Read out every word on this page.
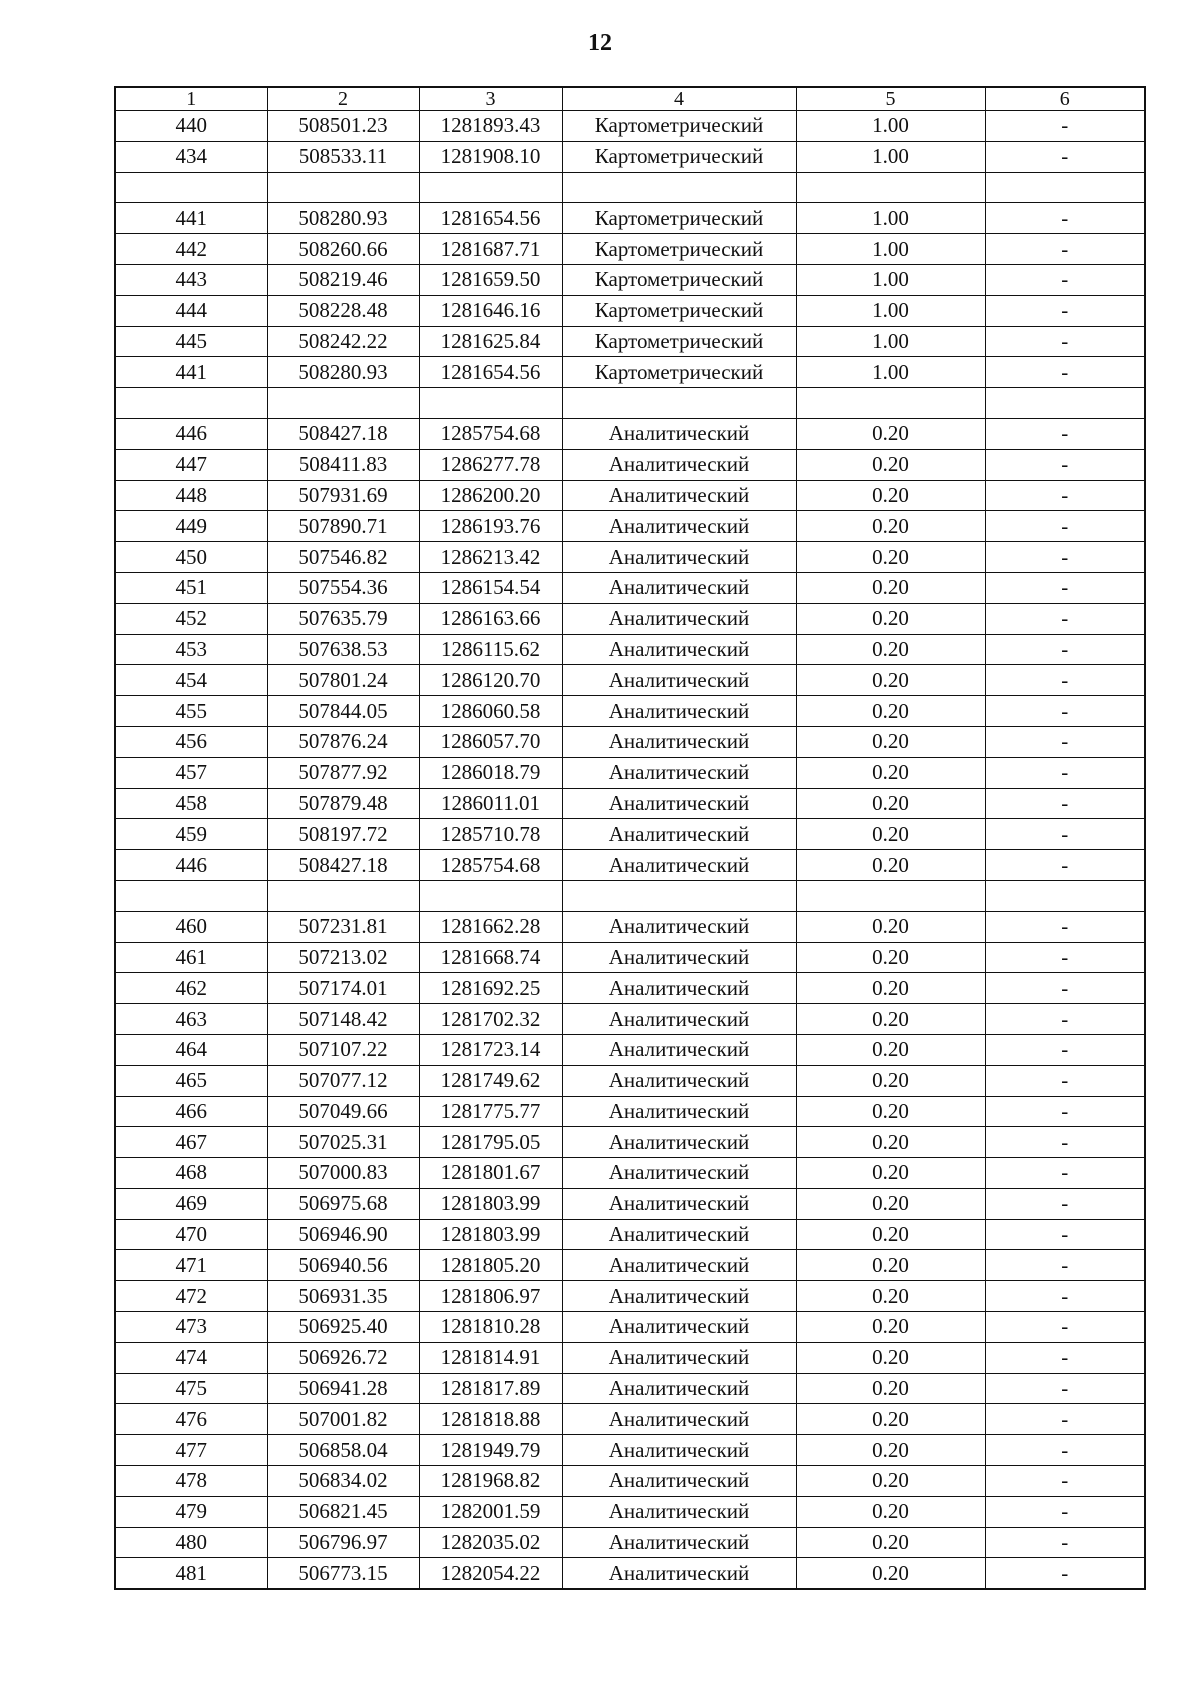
12
1	2	3	4	5	6
440	508501.23	1281893.43	Картометрический	1.00	-
434	508533.11	1281908.10	Картометрический	1.00	-

441	508280.93	1281654.56	Картометрический	1.00	-
442	508260.66	1281687.71	Картометрический	1.00	-
443	508219.46	1281659.50	Картометрический	1.00	-
444	508228.48	1281646.16	Картометрический	1.00	-
445	508242.22	1281625.84	Картометрический	1.00	-
441	508280.93	1281654.56	Картометрический	1.00	-

446	508427.18	1285754.68	Аналитический	0.20	-
447	508411.83	1286277.78	Аналитический	0.20	-
448	507931.69	1286200.20	Аналитический	0.20	-
449	507890.71	1286193.76	Аналитический	0.20	-
450	507546.82	1286213.42	Аналитический	0.20	-
451	507554.36	1286154.54	Аналитический	0.20	-
452	507635.79	1286163.66	Аналитический	0.20	-
453	507638.53	1286115.62	Аналитический	0.20	-
454	507801.24	1286120.70	Аналитический	0.20	-
455	507844.05	1286060.58	Аналитический	0.20	-
456	507876.24	1286057.70	Аналитический	0.20	-
457	507877.92	1286018.79	Аналитический	0.20	-
458	507879.48	1286011.01	Аналитический	0.20	-
459	508197.72	1285710.78	Аналитический	0.20	-
446	508427.18	1285754.68	Аналитический	0.20	-

460	507231.81	1281662.28	Аналитический	0.20	-
461	507213.02	1281668.74	Аналитический	0.20	-
462	507174.01	1281692.25	Аналитический	0.20	-
463	507148.42	1281702.32	Аналитический	0.20	-
464	507107.22	1281723.14	Аналитический	0.20	-
465	507077.12	1281749.62	Аналитический	0.20	-
466	507049.66	1281775.77	Аналитический	0.20	-
467	507025.31	1281795.05	Аналитический	0.20	-
468	507000.83	1281801.67	Аналитический	0.20	-
469	506975.68	1281803.99	Аналитический	0.20	-
470	506946.90	1281803.99	Аналитический	0.20	-
471	506940.56	1281805.20	Аналитический	0.20	-
472	506931.35	1281806.97	Аналитический	0.20	-
473	506925.40	1281810.28	Аналитический	0.20	-
474	506926.72	1281814.91	Аналитический	0.20	-
475	506941.28	1281817.89	Аналитический	0.20	-
476	507001.82	1281818.88	Аналитический	0.20	-
477	506858.04	1281949.79	Аналитический	0.20	-
478	506834.02	1281968.82	Аналитический	0.20	-
479	506821.45	1282001.59	Аналитический	0.20	-
480	506796.97	1282035.02	Аналитический	0.20	-
481	506773.15	1282054.22	Аналитический	0.20	-
